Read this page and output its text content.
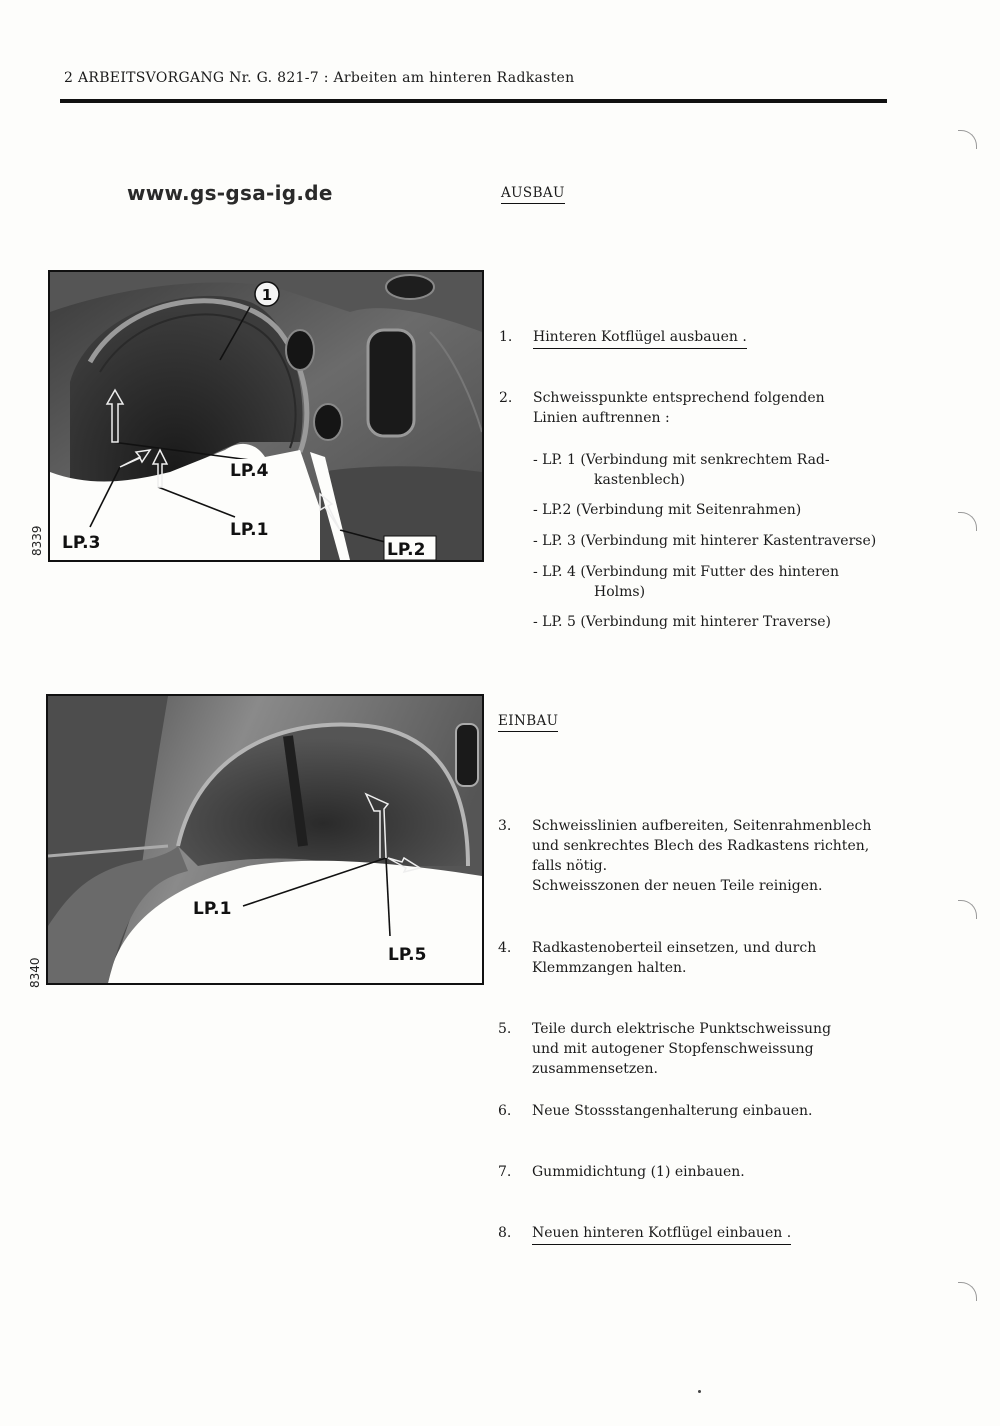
2 ARBEITSVORGANG Nr. G. 821-7 : Arbeiten am hinteren Radkasten
www.gs-gsa-ig.de	AUSBAU
1. Hinteren Kotflügel ausbauen .
2. Schweisspunkte entsprechend folgenden
Linien auftrennen :
- LP. 1 (Verbindung mit senkrechtem Rad-
kastenblech)
- LP.2 (Verbindung mit Seitenrahmen)
- LP. 3 (Verbindung mit hinterer Kastentraverse)
- LP. 4 (Verbindung mit Futter des hinteren
Holms)
- LP. 5 (Verbindung mit hinterer Traverse)
1
LP.4
LP.1
LP.3	LP.2
8339
EINBAU
LP.1
LP.5
8340
3. Schweisslinien aufbereiten, Seitenrahmenblech
und senkrechtes Blech des Radkastens richten,
falls nötig.
Schweisszonen der neuen Teile reinigen.
4. Radkastenoberteil einsetzen, und durch
Klemmzangen halten.
5. Teile durch elektrische Punktschweissung
und mit autogener Stopfenschweissung
zusammensetzen.
6. Neue Stossstangenhalterung einbauen.
7. Gummidichtung (1) einbauen.
8. Neuen hinteren Kotflügel einbauen .
